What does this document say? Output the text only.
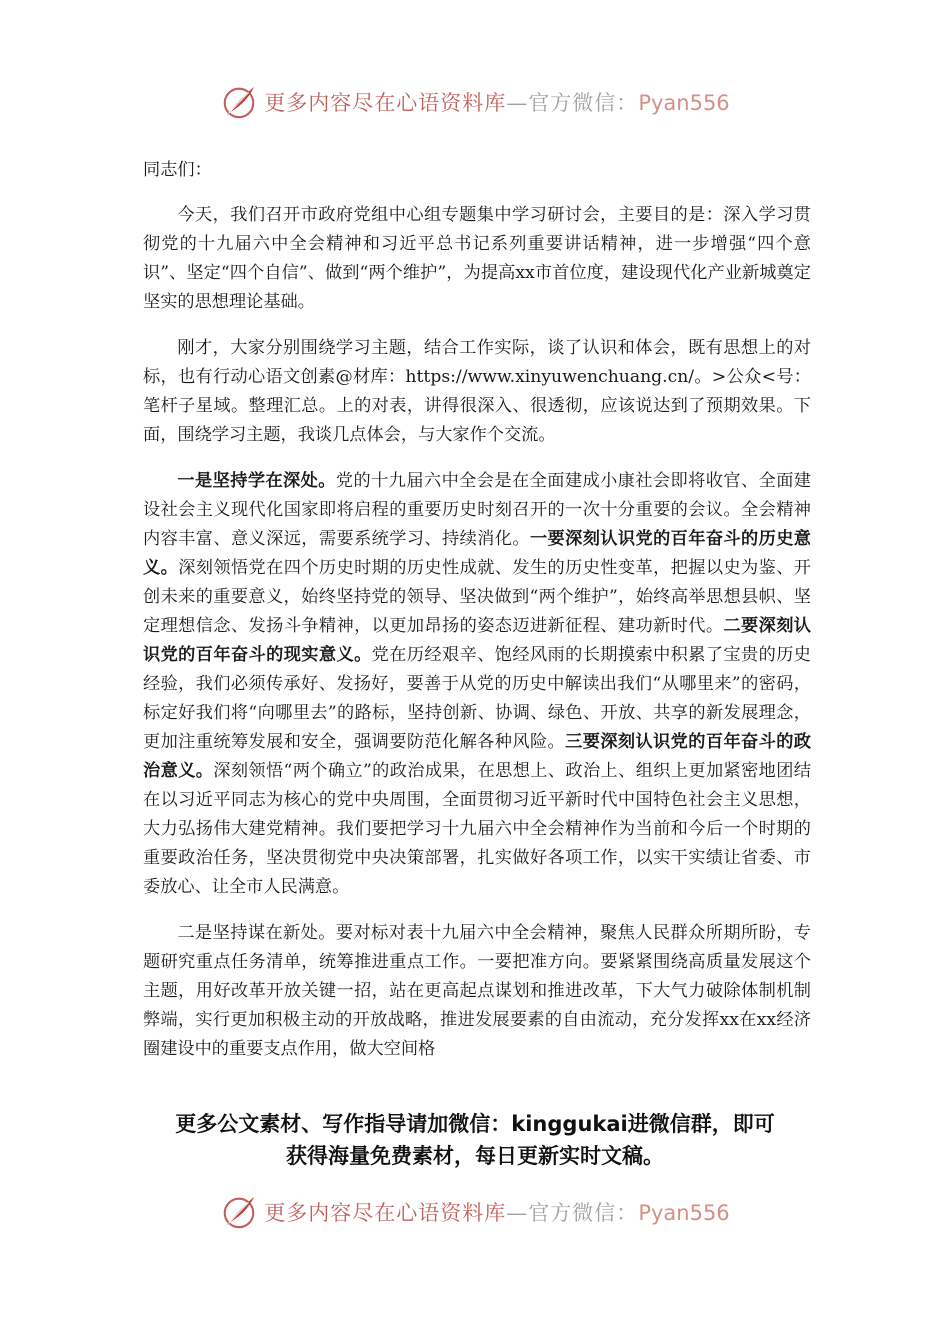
更多内容尽在心语资料库—官方微信：Pyan556

同志们：

今天，我们召开市政府党组中心组专题集中学习研讨会，主要目的是：深入学习贯彻党的十九届六中全会精神和习近平总书记系列重要讲话精神，进一步增强“四个意识”、坚定“四个自信”、做到“两个维护”，为提高xx市首位度，建设现代化产业新城奠定坚实的思想理论基础。

刚才，大家分别围绕学习主题，结合工作实际，谈了认识和体会，既有思想上的对标，也有行动心语文创素@材库：https://www.xinyuwenchuang.cn/。>公众<号：笔杆子星域。整理汇总。上的对表，讲得很深入、很透彻，应该说达到了预期效果。下面，围绕学习主题，我谈几点体会，与大家作个交流。

一是坚持学在深处。党的十九届六中全会是在全面建成小康社会即将收官、全面建设社会主义现代化国家即将启程的重要历史时刻召开的一次十分重要的会议。全会精神内容丰富、意义深远，需要系统学习、持续消化。一要深刻认识党的百年奋斗的历史意义。深刻领悟党在四个历史时期的历史性成就、发生的历史性变革，把握以史为鉴、开创未来的重要意义，始终坚持党的领导、坚决做到“两个维护”，始终高举思想县帜、坚定理想信念、发扬斗争精神，以更加昂扬的姿态迈进新征程、建功新时代。二要深刻认识党的百年奋斗的现实意义。党在历经艰辛、饱经风雨的长期摸索中积累了宝贵的历史经验，我们必须传承好、发扬好，要善于从党的历史中解读出我们“从哪里来”的密码，标定好我们将“向哪里去”的路标，坚持创新、协调、绿色、开放、共享的新发展理念，更加注重统筹发展和安全，强调要防范化解各种风险。三要深刻认识党的百年奋斗的政治意义。深刻领悟“两个确立”的政治成果，在思想上、政治上、组织上更加紧密地团结在以习近平同志为核心的党中央周围，全面贯彻习近平新时代中国特色社会主义思想，大力弘扬伟大建党精神。我们要把学习十九届六中全会精神作为当前和今后一个时期的重要政治任务，坚决贯彻党中央决策部署，扎实做好各项工作，以实干实绩让省委、市委放心、让全市人民满意。

二是坚持谋在新处。要对标对表十九届六中全会精神，聚焦人民群众所期所盼，专题研究重点任务清单，统筹推进重点工作。一要把准方向。要紧紧围绕高质量发展这个主题，用好改革开放关键一招，站在更高起点谋划和推进改革，下大气力破除体制机制弊端，实行更加积极主动的开放战略，推进发展要素的自由流动，充分发挥xx在xx经济圈建设中的重要支点作用，做大空间格

更多公文素材、写作指导请加微信：kinggukai进微信群，即可
获得海量免费素材，每日更新实时文稿。
更多内容尽在心语资料库—官方微信：Pyan556
